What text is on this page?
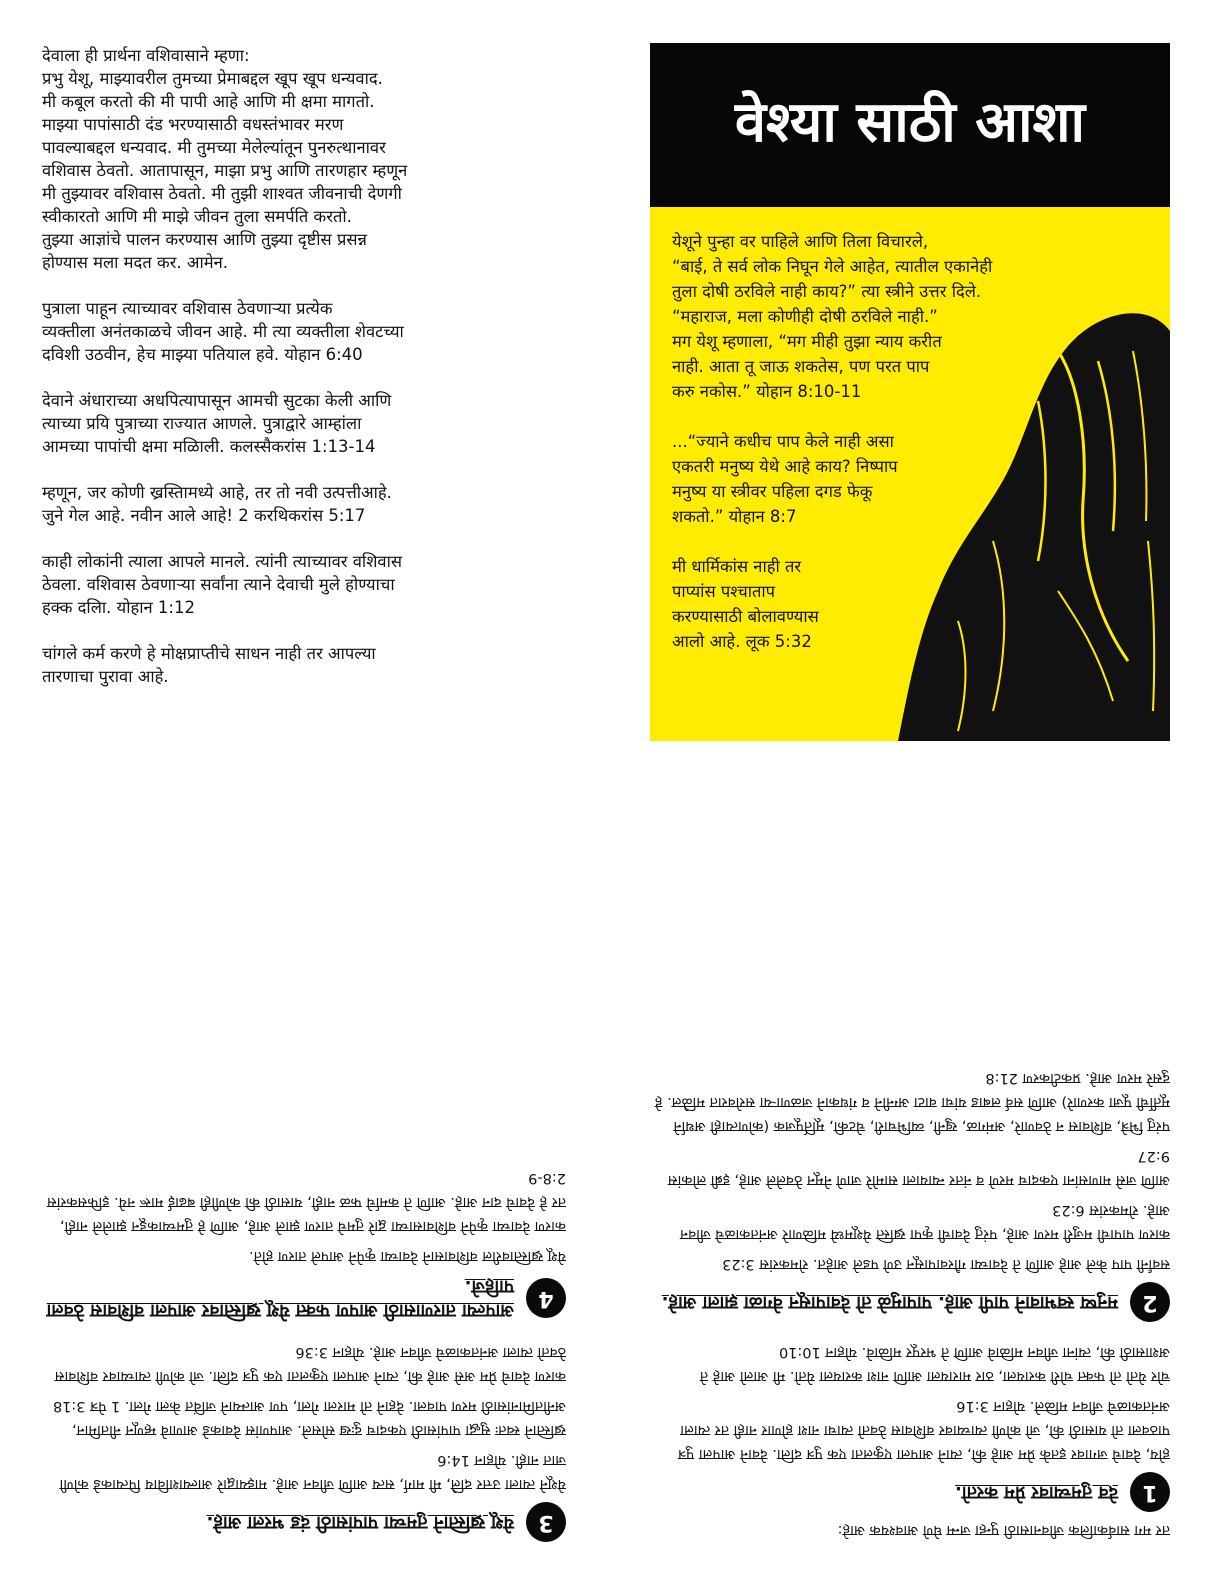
देवाला ही प्रार्थना वशिवासाने म्हणा:
प्रभु येशू, माझ्यावरील तुमच्या प्रेमाबद्दल खूप खूप धन्यवाद.
मी कबूल करतो की मी पापी आहे आणि मी क्षमा मागतो.
माझ्या पापांसाठी दंड भरण्यासाठी वधस्तंभावर मरण
पावल्याबद्दल धन्यवाद. मी तुमच्या मेलेल्यांतून पुनरुत्थानावर
वशिवास ठेवतो. आतापासून, माझा प्रभु आणि तारणहार म्हणून
मी तुझ्यावर वशिवास ठेवतो. मी तुझी शाश्वत जीवनाची देणगी
स्वीकारतो आणि मी माझे जीवन तुला समर्पति करतो.
तुझ्या आज्ञांचे पालन करण्यास आणि तुझ्या दृष्टीस प्रसन्न
होण्यास मला मदत कर. आमेन.

पुत्राला पाहून त्याच्यावर वशिवास ठेवणाऱ्या प्रत्येक
व्यक्तीला अनंतकाळचे जीवन आहे. मी त्या व्यक्तीला शेवटच्या
दविशी उठवीन, हेच माझ्या पतियाल हवे. योहान 6:40

देवाने अंधाराच्या अधपित्यापासून आमची सुटका केली आणि
त्याच्या प्रयि पुत्राच्या राज्यात आणले. पुत्राद्वारे आम्हांला
आमच्या पापांची क्षमा मळिाली. कलस्सैकरांस 1:13-14

म्हणून, जर कोणी ख्रस्तिामध्ये आहे, तर तो नवी उत्पत्तीआहे.
जुने गेल आहे. नवीन आले आहे! 2 करथिकरांस 5:17

काही लोकांनी त्याला आपले मानले. त्यांनी त्याच्यावर वशिवास
ठेवला. वशिवास ठेवणाऱ्या सर्वांना त्याने देवाची मुले होण्याचा
हक्क दलिा. योहान 1:12

चांगले कर्म करणे हे मोक्षप्राप्तीचे साधन नाही तर आपल्या
तारणाचा पुरावा आहे.

वेश्या साठी आशा

येशूने पुन्हा वर पाहिले आणि तिला विचारले,
“बाई, ते सर्व लोक निघून गेले आहेत, त्यातील एकानेही
तुला दोषी ठरविले नाही काय?” त्या स्त्रीने उत्तर दिले.
“महाराज, मला कोणीही दोषी ठरविले नाही.”
मग येशू म्हणाला, “मग मीही तुझा न्याय करीत
नाही. आता तू जाऊ शकतेस, पण परत पाप
करु नकोस.” योहान 8:10-11

...“ज्याने कधीच पाप केले नाही असा
एकतरी मनुष्य येथे आहे काय? निष्पाप
मनुष्य या स्त्रीवर पहिला दगड फेकू
शकतो.” योहान 8:7

मी धार्मिकांस नाही तर
पाप्यांस पश्चाताप
करण्यासाठी बोलावण्यास
आलो आहे. लूक 5:32

तर मग सार्वकालिक जीवनासाठी पुन्हा जन्म घेणे आवश्यक आहे:

1
देव तुमच्यावर प्रेम करतो.

होय, देवाचे जगावर इतके प्रेम आहे की, त्याने आपला एकुलता एक पुत्र दलिा. देवाने आपला पुत्र पाठवला तो यासाठी की, जो कोणी त्याच्यावर वशिवास ठेवतो त्याचा नाश होणार नाही तर त्याला अनंतकाळचे जीवन मळिले. योहान 3:16

चोर येतो तो फक्त चोरी करायला, ठार मारायला आणि नाश करायला येतो. मी आलो आहे ते अशासाठी की, त्यांना जीवन मळिावे आणि ते भरपूर मळिावे. योहान 10:10

2
मनुष्य स्वभावाने पापी आहे. पापामुळे तो देवापासून वेगळा झाला आहे.

सर्वांनी पाप केले आहे आणि ते देवाच्या गौरवापासून उणे पडले आहेत. रोमकरांस 3:23

कारण पापाची मजुरी मरण आहे, परंतु देवाची कृपा ख्रस्ति येशूमध्ये मळिणारे अनंतकाळचे जीवन आहे. रोमकरांस 6:23

आणि जसे माणसांना एकदाच मरणे व नंतर न्यायाला सामोरे जाणे नेमून ठेवलेले आहे, इब्री लोकांस 9:27

परंतु भित्रे, वशिवास न ठेवणारे, अमंगळ, खुनी, व्यभिचारी, चेटकी, मूर्तिपूजक (कोणत्याही अर्थाने मूर्तीची पूजा करणारे) आणि सर्व लबाड यांचा वाटा अग्नीने व गंधकाने जळणाऱ्या सरोवरात मळिेल. हे दुसरे मरण आहे. प्रकटीकरण 21:8

3
येशू ख्रस्तिाने तुमच्या पापांसाठी दंड भरला आहे.

येशूने त्याला उत्तर दलिे, मी मार्ग, सत्य आणि जीवन आहे. माझ्याद्वारे आल्याशविाय पित्याकडे कोणी जात नाही. योहान 14:6

ख्रस्तिाने स्वतः सुद्धा पापांसाठी एकदाच दुःख सोसले. आपणांस देवाकडे आणावे म्हणून नीतमिान, अनीतमिानांसाठी मरण पावला. देहाने तो मारला गेला, पण आत्म्याने जविंत केला गेला. 1 पेत्र 3:18

कारण देवाचे प्रेम असे आहे की, त्याने आपला एकुलता एक पुत्र दलिा. जो कोणी त्याच्यावर वशिवास ठेवतो त्याला अनंतकाळचे जीवन आहे. योहान 3:36

4
आपल्या तारणासाठी आपण फक्त येशू ख्रस्तिावर आपला वशिवास ठेवला पाहिजे.

येशू ख्रस्तिावरील वशिवासाने देवाच्या कृपेने आपले तारण होते.

कारण देवाच्या कृपेने वशिवासाच्या द्वारे तुमचे तारण झाले आहे, आणि हे तुमच्याकडून झालेले नाही, तर हे देवाचे दान आहे. आणि ते कर्माचे फळ नाही, यासाठी की कोणीही बढाई मारू नये. इफिसकरांस 2:8-9
